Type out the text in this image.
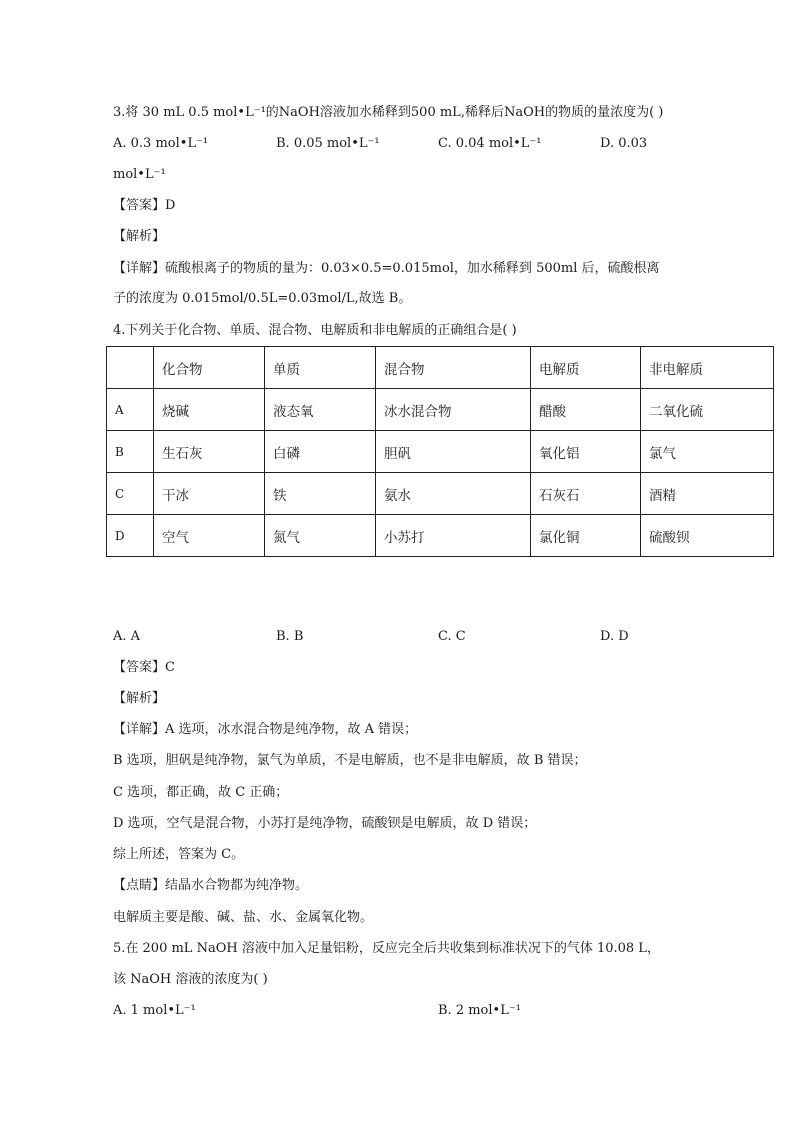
3.将 30 mL 0.5 mol•L⁻¹的NaOH溶液加水稀释到500 mL,稀释后NaOH的物质的量浓度为( )
A. 0.3 mol•L⁻¹	B. 0.05 mol•L⁻¹	C. 0.04 mol•L⁻¹	D. 0.03
mol•L⁻¹
【答案】D
【解析】
【详解】硫酸根离子的物质的量为：0.03×0.5=0.015mol，加水稀释到 500ml 后，硫酸根离
子的浓度为 0.015mol/0.5L=0.03mol/L,故选 B。
4.下列关于化合物、单质、混合物、电解质和非电解质的正确组合是( )
	化合物	单质	混合物	电解质	非电解质
A	烧碱	液态氧	冰水混合物	醋酸	二氧化硫
B	生石灰	白磷	胆矾	氧化铝	氯气
C	干冰	铁	氨水	石灰石	酒精
D	空气	氮气	小苏打	氯化铜	硫酸钡
A. A	B. B	C. C	D. D
【答案】C
【解析】
【详解】A 选项，冰水混合物是纯净物，故 A 错误；
B 选项，胆矾是纯净物，氯气为单质，不是电解质，也不是非电解质，故 B 错误；
C 选项，都正确，故 C 正确；
D 选项，空气是混合物，小苏打是纯净物，硫酸钡是电解质，故 D 错误；
综上所述，答案为 C。
【点睛】结晶水合物都为纯净物。
电解质主要是酸、碱、盐、水、金属氧化物。
5.在 200 mL NaOH 溶液中加入足量铝粉，反应完全后共收集到标准状况下的气体 10.08 L，
该 NaOH 溶液的浓度为( )
A. 1 mol•L⁻¹	B. 2 mol•L⁻¹
